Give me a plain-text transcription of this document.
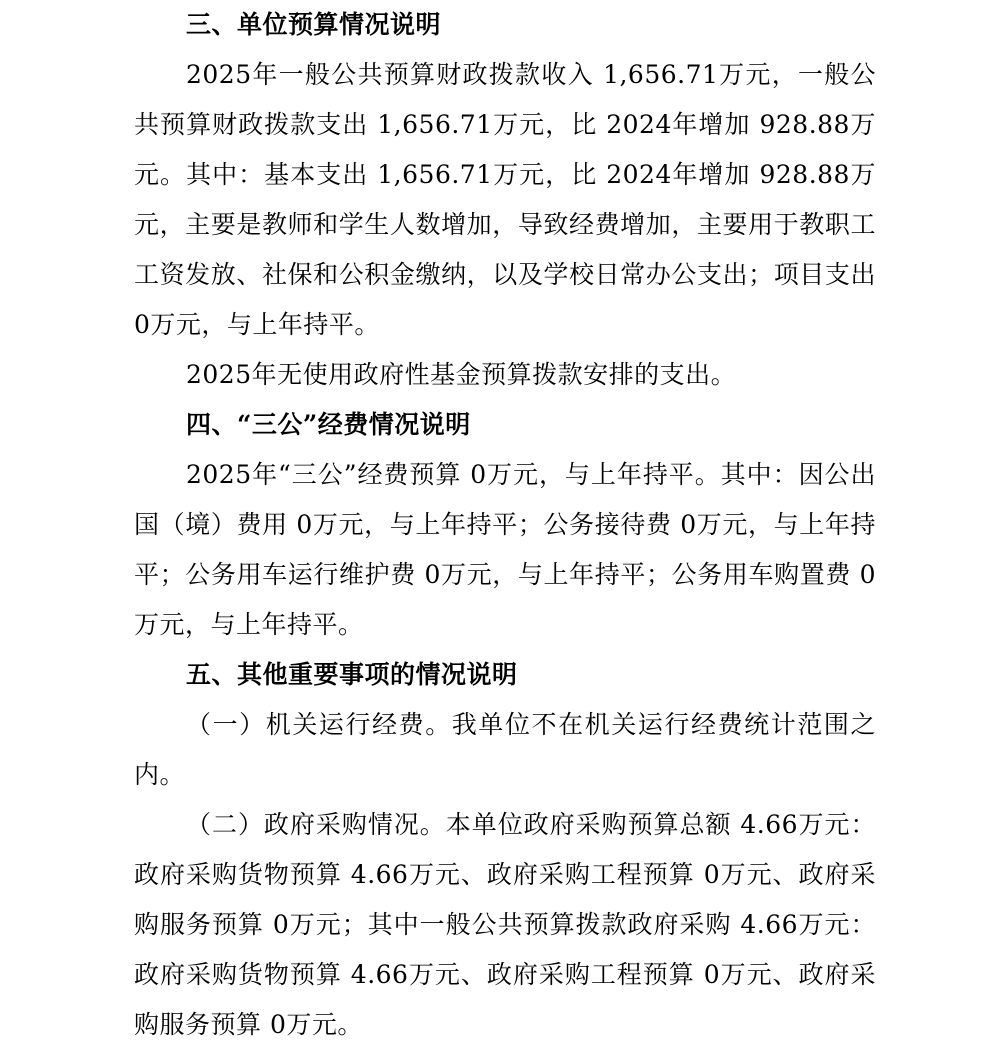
三、单位预算情况说明

2025年一般公共预算财政拨款收入 1,656.71万元，一般公共预算财政拨款支出 1,656.71万元，比 2024年增加 928.88万元。其中：基本支出 1,656.71万元，比 2024年增加 928.88万元，主要是教师和学生人数增加，导致经费增加，主要用于教职工工资发放、社保和公积金缴纳，以及学校日常办公支出；项目支出 0万元，与上年持平。

2025年无使用政府性基金预算拨款安排的支出。

四、“三公”经费情况说明

2025年“三公”经费预算 0万元，与上年持平。其中：因公出国（境）费用 0万元，与上年持平；公务接待费 0万元，与上年持平；公务用车运行维护费 0万元，与上年持平；公务用车购置费 0万元，与上年持平。

五、其他重要事项的情况说明

（一）机关运行经费。我单位不在机关运行经费统计范围之内。

（二）政府采购情况。本单位政府采购预算总额 4.66万元：政府采购货物预算 4.66万元、政府采购工程预算 0万元、政府采购服务预算 0万元；其中一般公共预算拨款政府采购 4.66万元：政府采购货物预算 4.66万元、政府采购工程预算 0万元、政府采购服务预算 0万元。
